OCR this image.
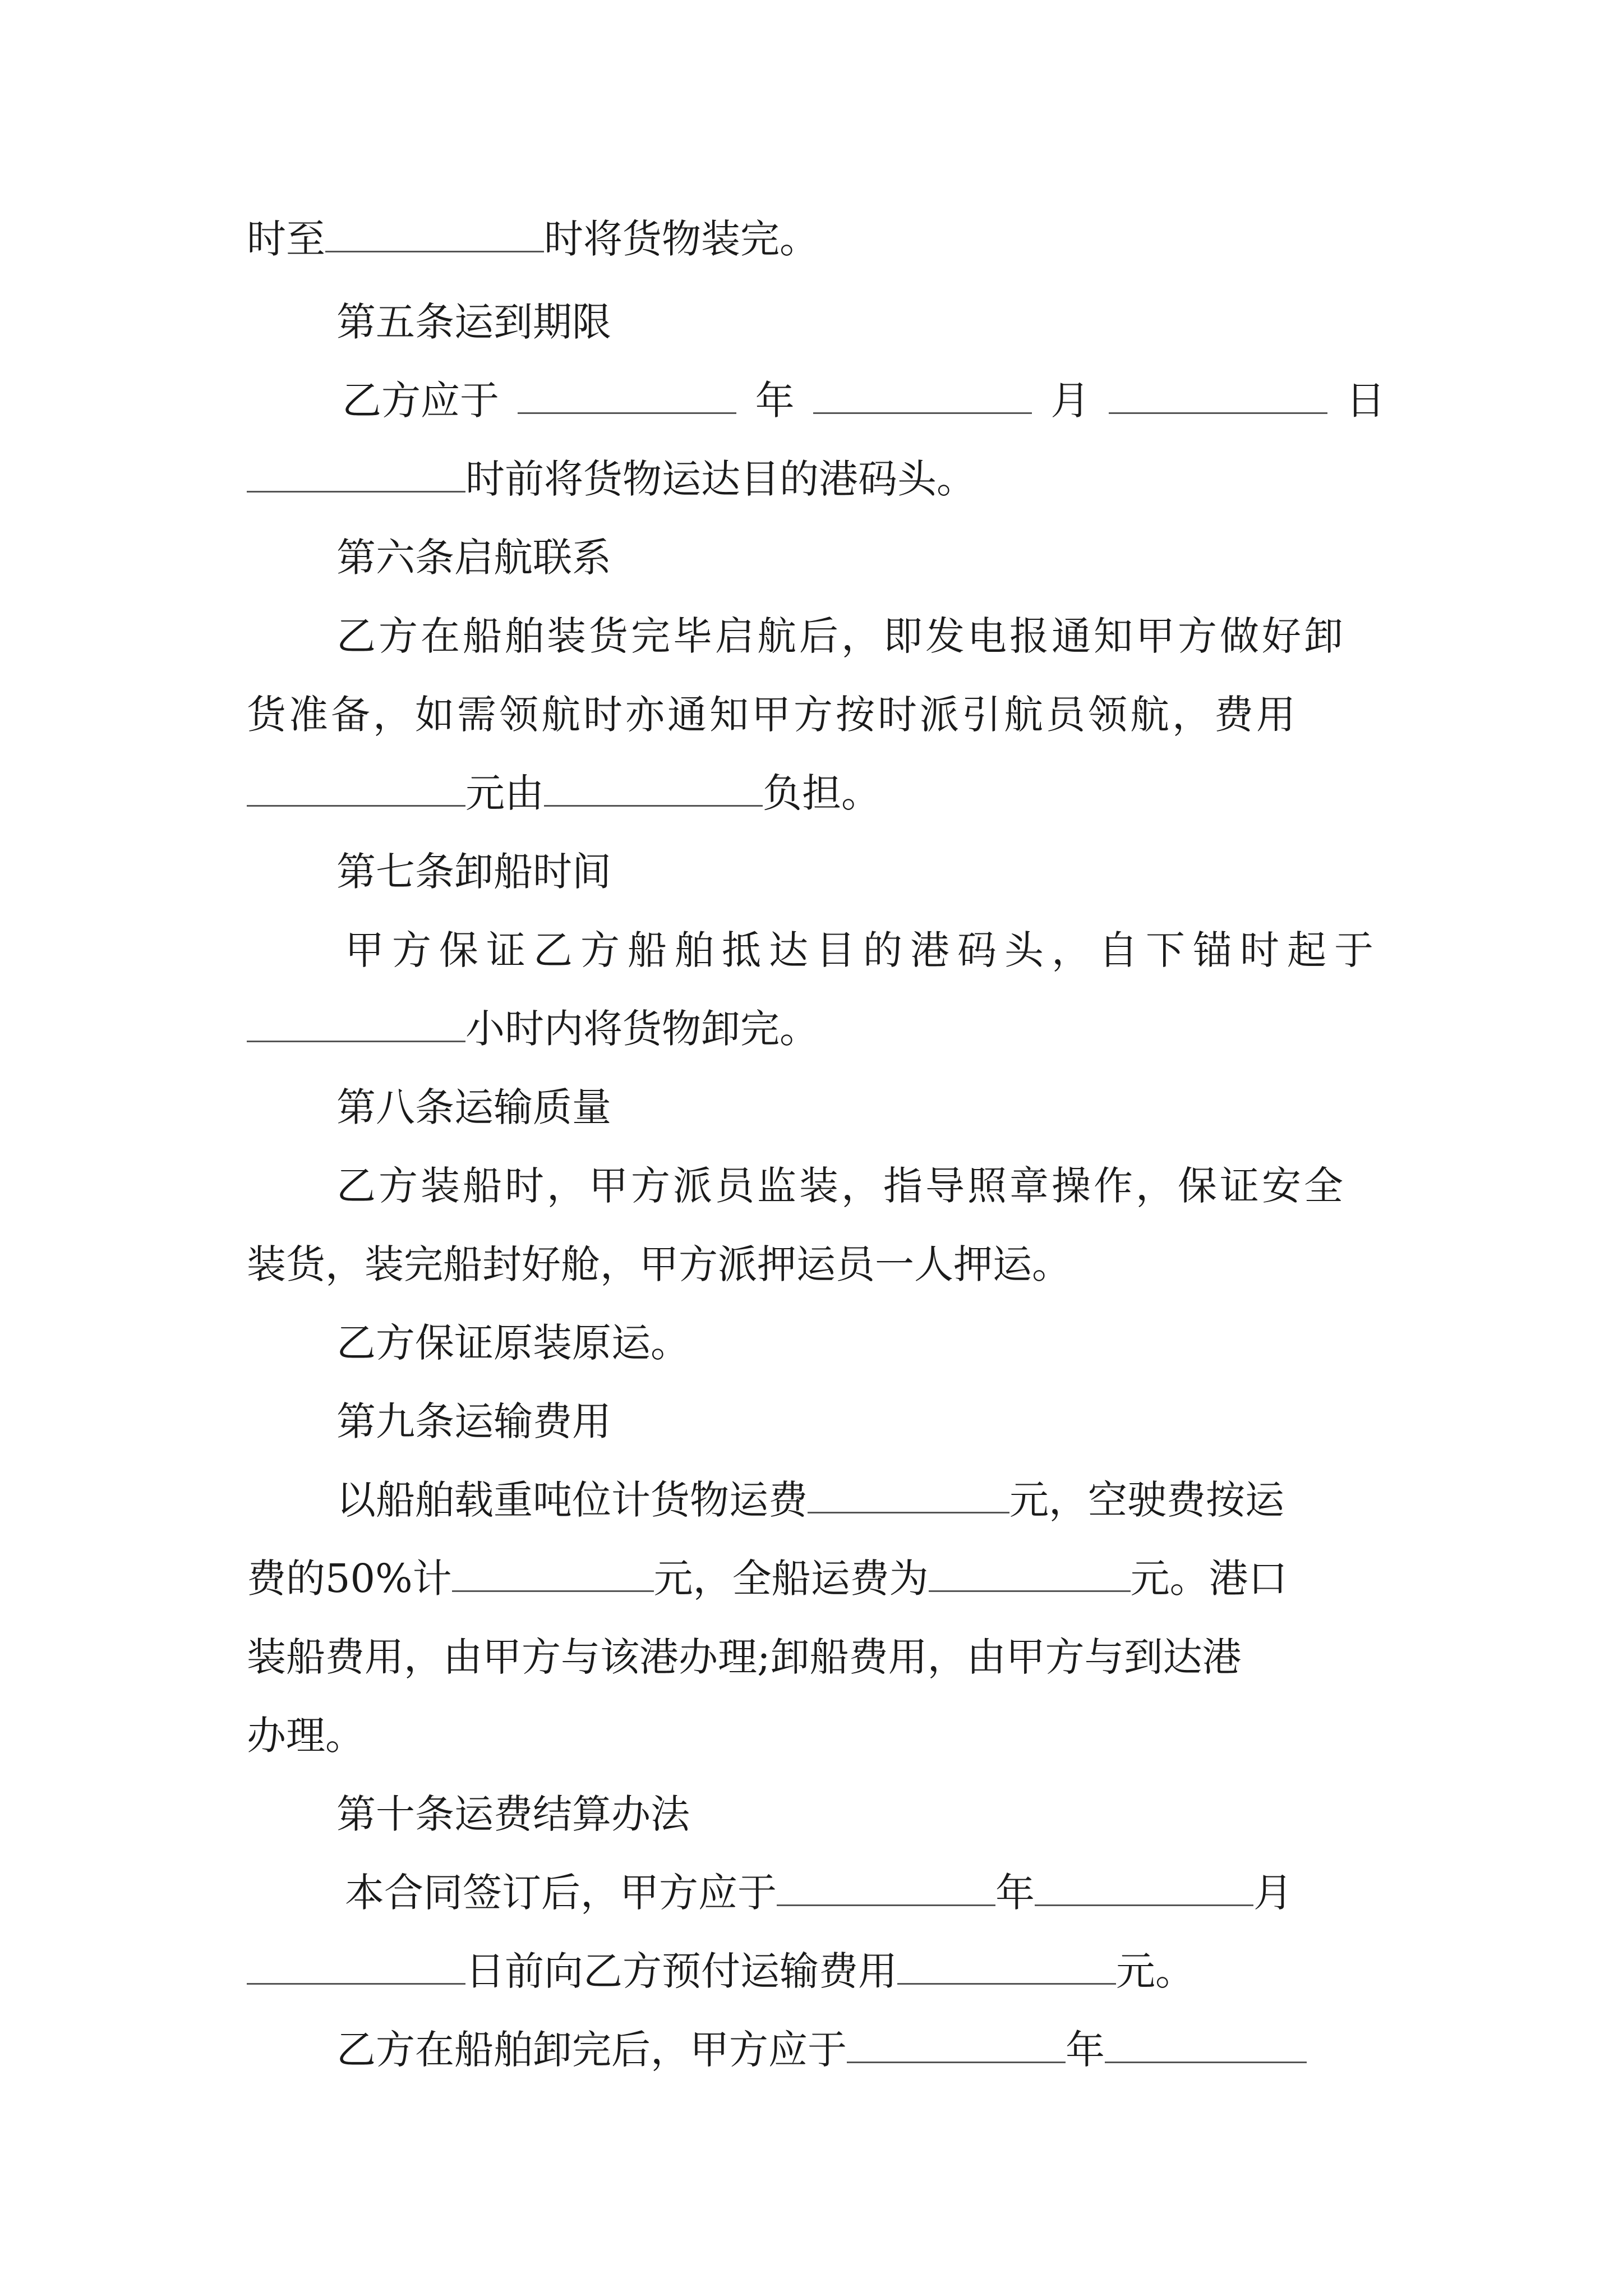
时至	时将货物装完。
第五条运到期限
乙方应于	年	月	日
时前将货物运达目的港码头。
第六条启航联系
乙方在船舶装货完毕启航后，即发电报通知甲方做好卸
货准备，如需领航时亦通知甲方按时派引航员领航，费用
元由	负担。
第七条卸船时间
甲方保证乙方船舶抵达目的港码头，自下锚时起于
小时内将货物卸完。
第八条运输质量
乙方装船时，甲方派员监装，指导照章操作，保证安全
装货，装完船封好舱，甲方派押运员一人押运。
乙方保证原装原运。
第九条运输费用
以船舶载重吨位计货物运费	元，空驶费按运
费的50%计	元，全船运费为	元。港口
装船费用，由甲方与该港办理;卸船费用，由甲方与到达港
办理。
第十条运费结算办法
本合同签订后，甲方应于	年	月
日前向乙方预付运输费用	元。
乙方在船舶卸完后，甲方应于	年
